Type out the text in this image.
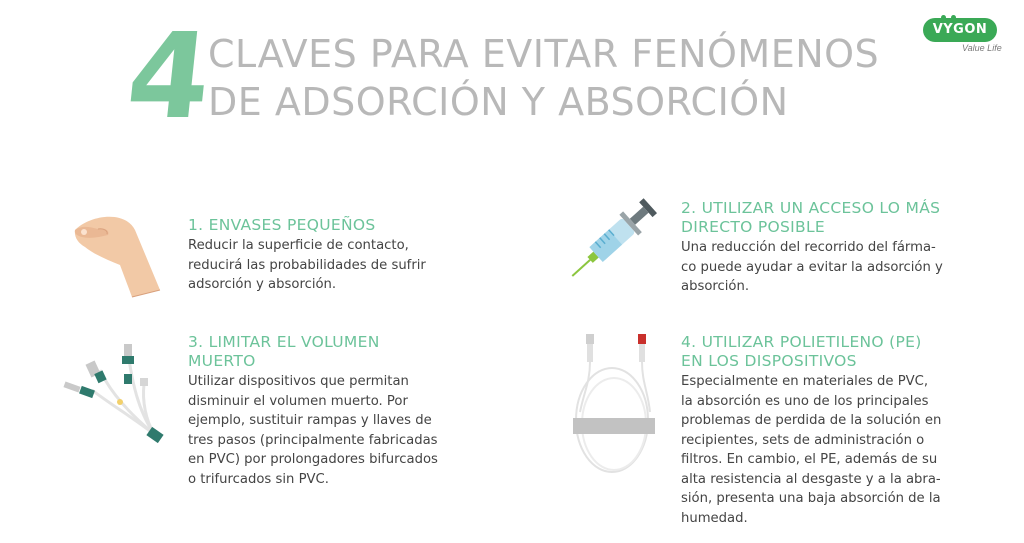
4
CLAVES PARA EVITAR FENÓMENOS
DE ADSORCIÓN Y ABSORCIÓN
VYGON
Value Life
1. ENVASES PEQUEÑOS
Reducir la superficie de contacto,
reducirá las probabilidades de sufrir
adsorción y absorción.
2. UTILIZAR UN ACCESO LO MÁS
DIRECTO POSIBLE
Una reducción del recorrido del fárma-
co puede ayudar a evitar la adsorción y
absorción.
3. LIMITAR EL VOLUMEN
MUERTO
Utilizar dispositivos que permitan
disminuir el volumen muerto. Por
ejemplo, sustituir rampas y llaves de
tres pasos (principalmente fabricadas
en PVC) por prolongadores bifurcados
o trifurcados sin PVC.
4. UTILIZAR POLIETILENO (PE)
EN LOS DISPOSITIVOS
Especialmente en materiales de PVC,
la absorción es uno de los principales
problemas de perdida de la solución en
recipientes, sets de administración o
filtros. En cambio, el PE, además de su
alta resistencia al desgaste y a la abra-
sión, presenta una baja absorción de la
humedad.
